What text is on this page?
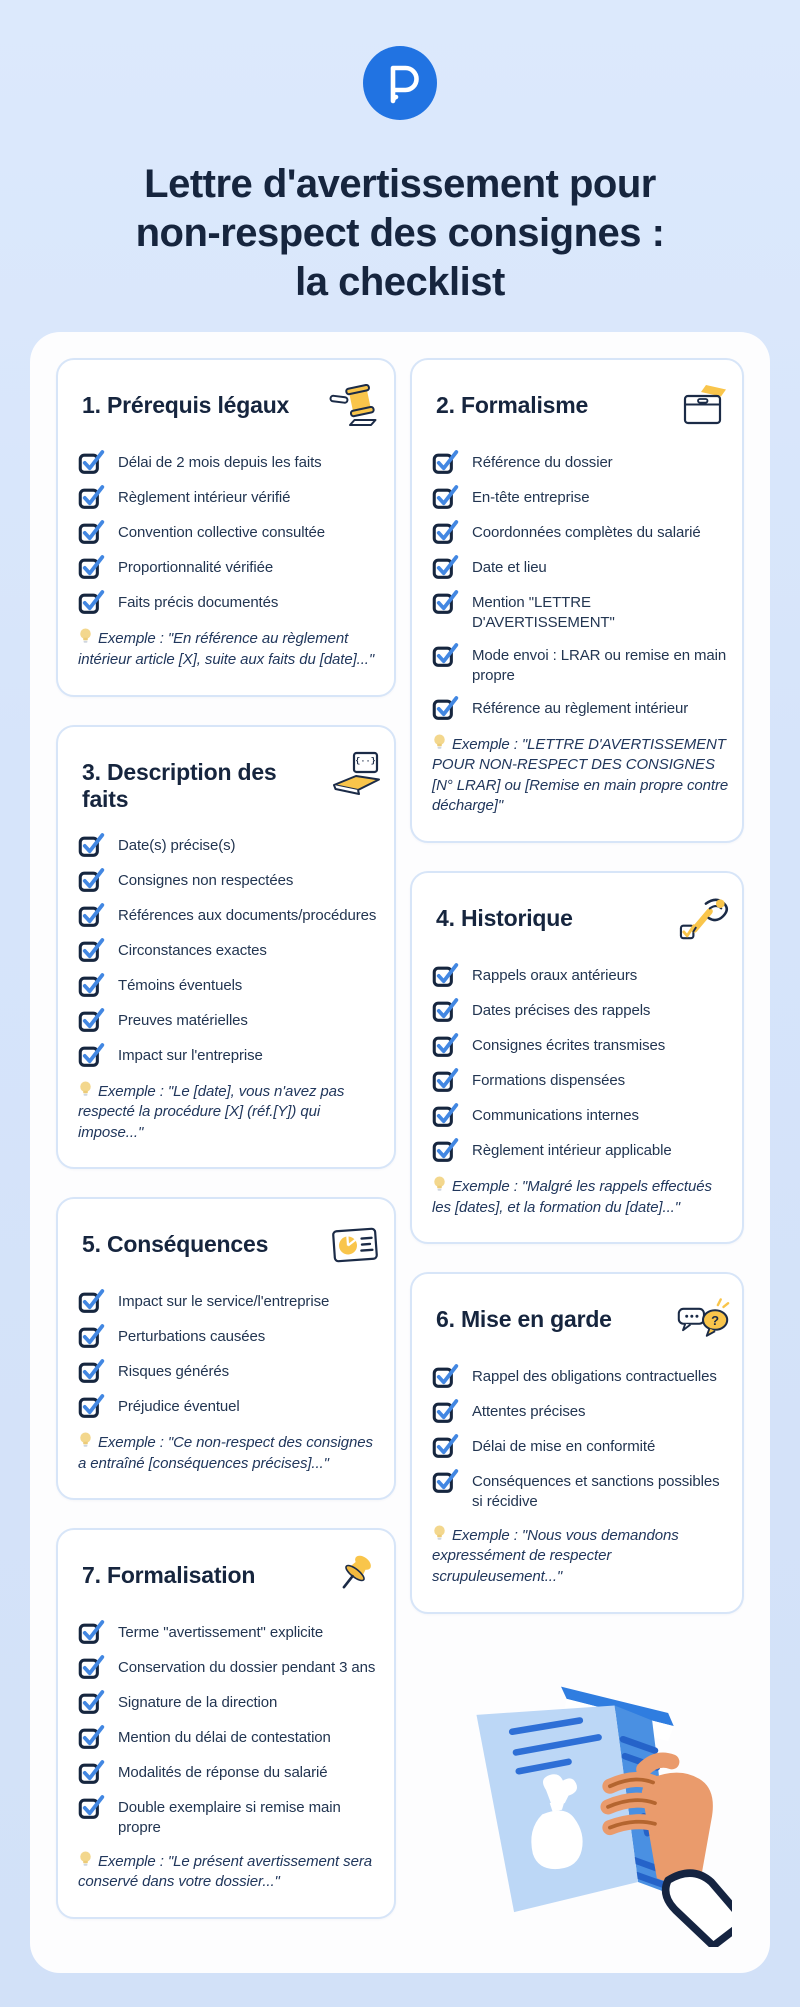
Lettre d'avertissement pour
non-respect des consignes :
la checklist
1. Prérequis légaux
Délai de 2 mois depuis les faits
Règlement intérieur vérifié
Convention collective consultée
Proportionnalité vérifiée
Faits précis documentés

Exemple : "En référence au règlement intérieur article [X], suite aux faits du [date]..."

3. Description des faits
{··}
Date(s) précise(s)
Consignes non respectées
Références aux documents/procédures
Circonstances exactes
Témoins éventuels
Preuves matérielles
Impact sur l'entreprise

Exemple : "Le [date], vous n'avez pas respecté la procédure [X] (réf.[Y]) qui impose..."

5. Conséquences
Impact sur le service/l'entreprise
Perturbations causées
Risques générés
Préjudice éventuel

Exemple : "Ce non-respect des consignes a entraîné [conséquences précises]..."

7. Formalisation
Terme "avertissement" explicite
Conservation du dossier pendant 3 ans
Signature de la direction
Mention du délai de contestation
Modalités de réponse du salarié
Double exemplaire si remise main propre

Exemple : "Le présent avertissement sera conservé dans votre dossier..."

2. Formalisme
Référence du dossier
En-tête entreprise
Coordonnées complètes du salarié
Date et lieu
Mention "LETTRE D'AVERTISSEMENT"
Mode envoi : LRAR ou remise en main propre
Référence au règlement intérieur

Exemple : "LETTRE D'AVERTISSEMENT POUR NON-RESPECT DES CONSIGNES [N° LRAR] ou [Remise en main propre contre décharge]"

4. Historique
Rappels oraux antérieurs
Dates précises des rappels
Consignes écrites transmises
Formations dispensées
Communications internes
Règlement intérieur applicable

Exemple : "Malgré les rappels effectués les [dates], et la formation du [date]..."

6. Mise en garde	?
Rappel des obligations contractuelles
Attentes précises
Délai de mise en conformité
Conséquences et sanctions possibles si récidive

Exemple : "Nous vous demandons expressément de respecter scrupuleusement..."
